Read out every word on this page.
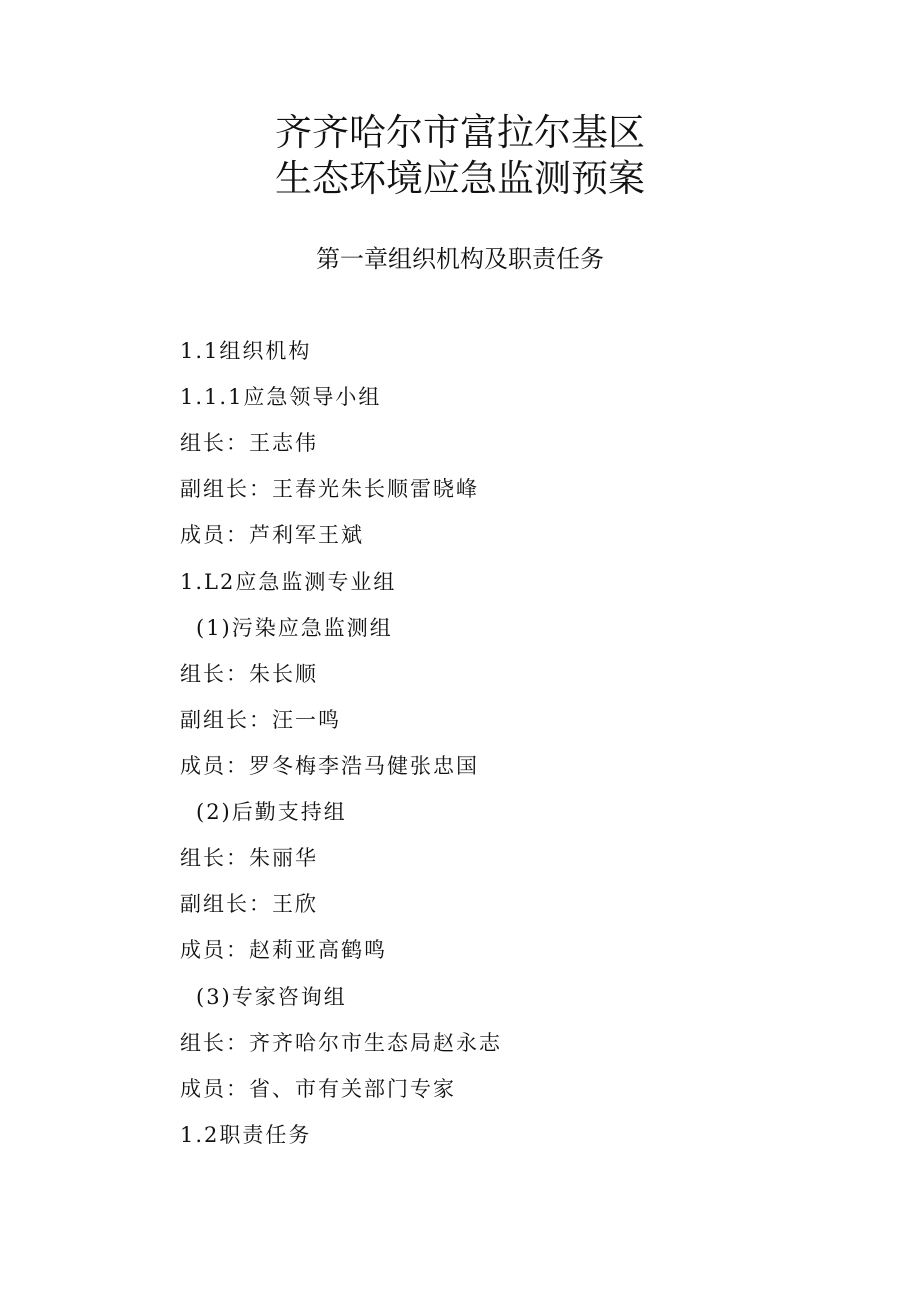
齐齐哈尔市富拉尔基区
生态环境应急监测预案
第一章组织机构及职责任务
1.1组织机构
1.1.1应急领导小组
组长：王志伟
副组长：王春光朱长顺雷晓峰
成员：芦利军王斌
1.L2应急监测专业组
(1)污染应急监测组
组长：朱长顺
副组长：汪一鸣
成员：罗冬梅李浩马健张忠国
(2)后勤支持组
组长：朱丽华
副组长：王欣
成员：赵莉亚高鹤鸣
(3)专家咨询组
组长：齐齐哈尔市生态局赵永志
成员：省、市有关部门专家
1.2职责任务
